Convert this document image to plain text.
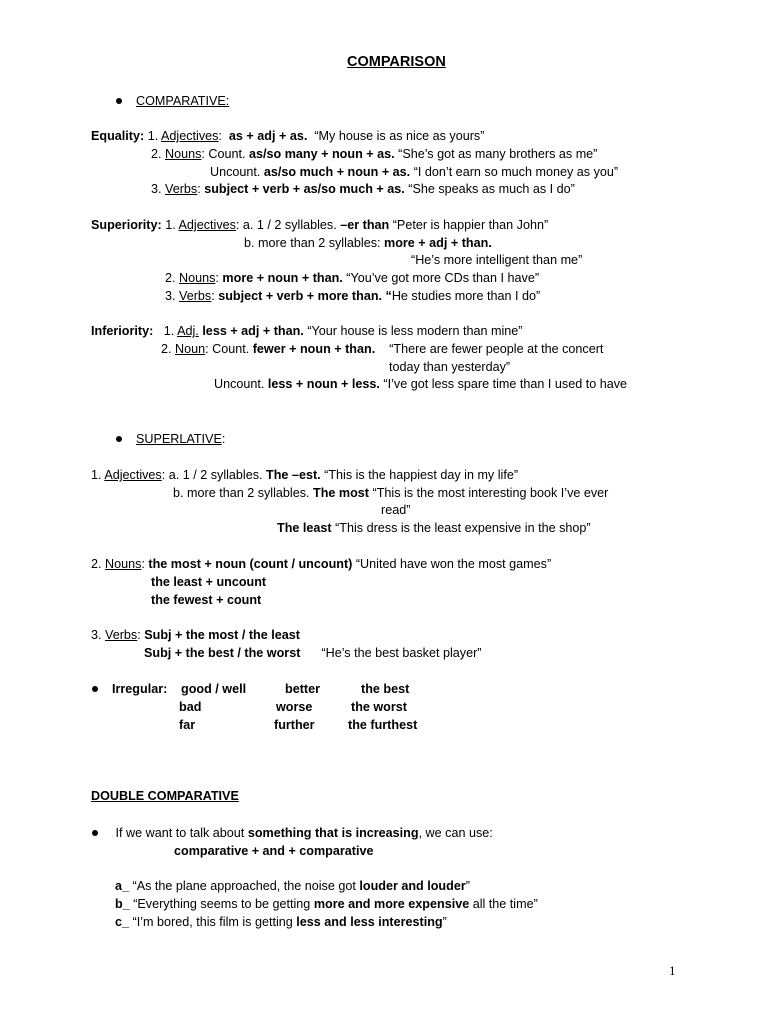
COMPARISON
COMPARATIVE:
Equality: 1. Adjectives: as + adj + as. “My house is as nice as yours”
2. Nouns: Count. as/so many + noun + as. “She’s got as many brothers as me”
Uncount. as/so much + noun + as. “I don’t earn so much money as you”
3. Verbs: subject + verb + as/so much + as. “She speaks as much as I do”
Superiority: 1. Adjectives: a. 1 / 2 syllables. –er than “Peter is happier than John”
b. more than 2 syllables: more + adj + than.
“He’s more intelligent than me”
2. Nouns: more + noun + than. “You’ve got more CDs than I have”
3. Verbs: subject + verb + more than. “He studies more than I do”
Inferiority: 1. Adj. less + adj + than. “Your house is less modern than mine”
2. Noun: Count. fewer + noun + than. “There are fewer people at the concert
today than yesterday”
Uncount. less + noun + less. “I’ve got less spare time than I used to have
SUPERLATIVE:
1. Adjectives: a. 1 / 2 syllables. The –est. “This is the happiest day in my life”
b. more than 2 syllables. The most “This is the most interesting book I’ve ever
read”
The least “This dress is the least expensive in the shop”
2. Nouns: the most + noun (count / uncount) “United have won the most games”
the least + uncount
the fewest + count
3. Verbs: Subj + the most / the least
Subj + the best / the worst “He’s the best basket player”
Irregular: good / well	better	the best
bad	worse	the worst
far	further	the furthest
DOUBLE COMPARATIVE
If we want to talk about something that is increasing, we can use:
comparative + and + comparative
a_ “As the plane approached, the noise got louder and louder”
b_ “Everything seems to be getting more and more expensive all the time”
c_ “I’m bored, this film is getting less and less interesting”
1
